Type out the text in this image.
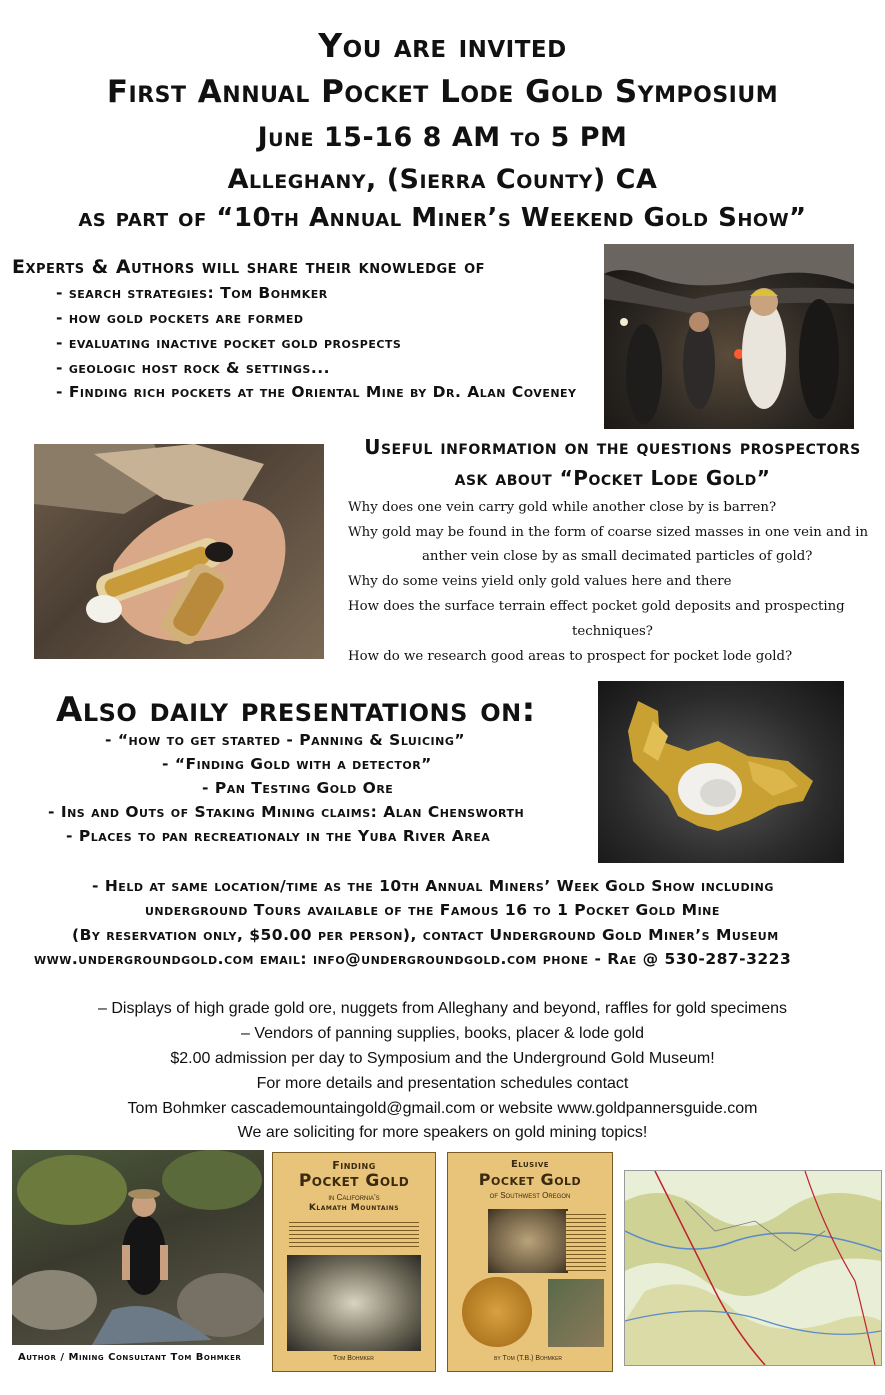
You are invited
First Annual Pocket Lode Gold Symposium
June 15-16 8 AM to 5 PM
Alleghany, (Sierra County) CA
as part of “10th Annual Miner’s Weekend Gold Show”
Experts & Authors will share their knowledge of
- search strategies: Tom Bohmker
- how gold pockets are formed
- evaluating inactive pocket gold prospects
- geologic host rock & settings...
- Finding rich pockets at the Oriental Mine by Dr. Alan Coveney
Useful information on the questions prospectors
ask about “Pocket Lode Gold”
Why does one vein carry gold while another close by is barren?
Why gold may be found in the form of coarse sized masses in one vein and in
anther vein close by as small decimated particles of gold?
Why do some veins yield only gold values here and there
How does the surface terrain effect pocket gold deposits and prospecting
techniques?
How do we research good areas to prospect for pocket lode gold?
Also daily presentations on:
- “how to get started - Panning & Sluicing”
- “Finding Gold with a detector”
- Pan Testing Gold Ore
- Ins and Outs of Staking Mining claims: Alan Chensworth
- Places to pan recreationaly in the Yuba River Area
- Held at same location/time as the 10th Annual Miners’ Week Gold Show including
underground Tours available of the Famous 16 to 1 Pocket Gold Mine
(By reservation only, $50.00 per person), contact Underground Gold Miner’s Museum
www.undergroundgold.com email: info@undergroundgold.com phone - Rae @ 530-287-3223
– Displays of high grade gold ore, nuggets from Alleghany and beyond, raffles for gold specimens
– Vendors of panning supplies, books, placer & lode gold
$2.00 admission per day to Symposium and the Underground Gold Museum!
For more details and presentation schedules contact
Tom Bohmker cascademountaingold@gmail.com or website www.goldpannersguide.com
We are soliciting for more speakers on gold mining topics!
Author / Mining Consultant Tom Bohmker
Finding
Pocket Gold
in California's
Klamath Mountains
Tom Bohmker
Elusive
Pocket Gold
of Southwest Oregon
by Tom (T.B.) Bohmker
